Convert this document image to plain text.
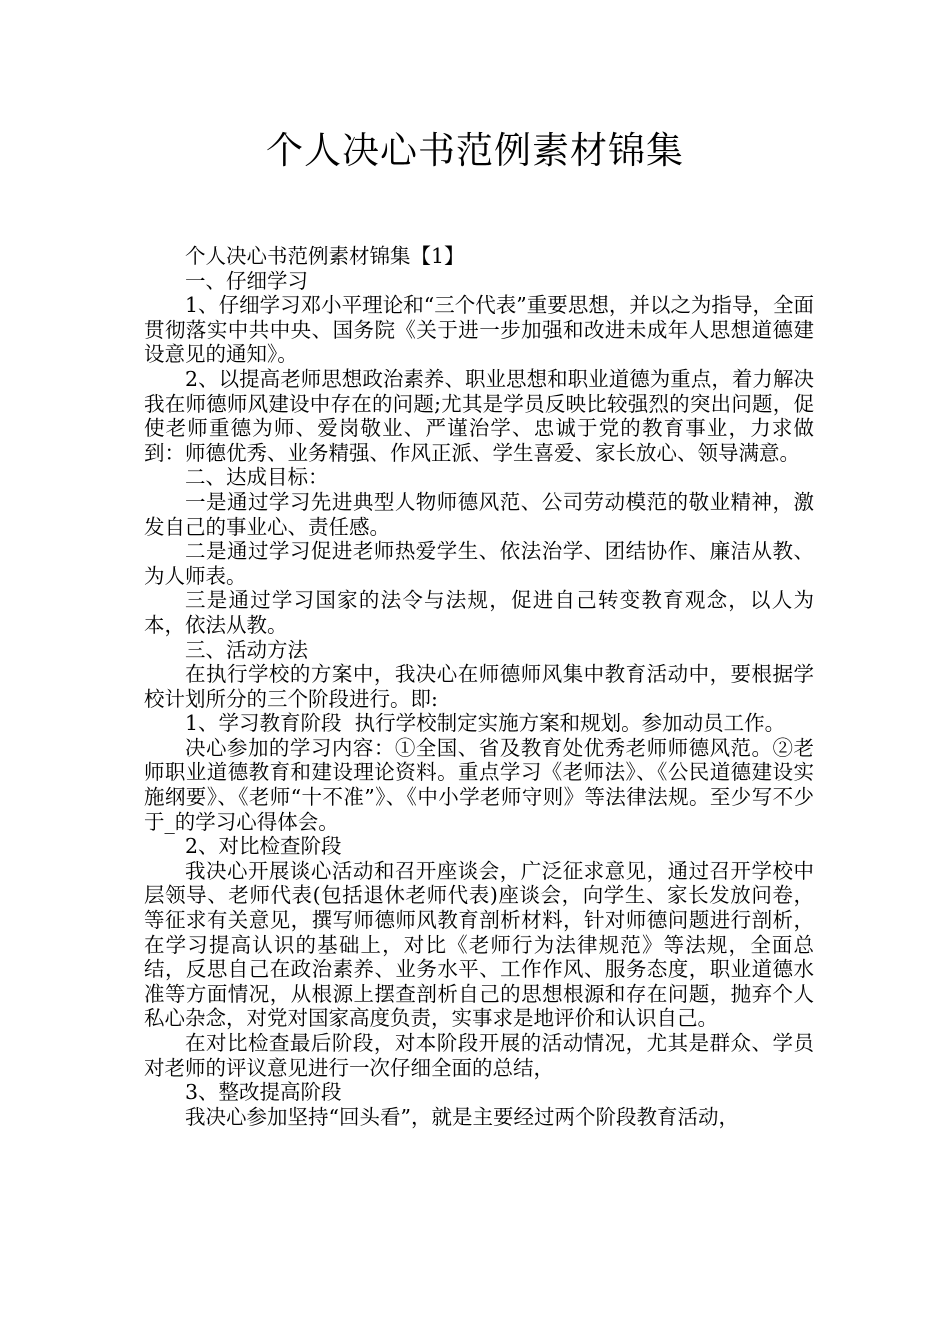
个人决心书范例素材锦集

个人决心书范例素材锦集【1】

一、仔细学习

1、仔细学习邓小平理论和“三个代表”重要思想，并以之为指导，全面贯彻落实中共中央、国务院《关于进一步加强和改进未成年人思想道德建设意见的通知》。

2、以提高老师思想政治素养、职业思想和职业道德为重点，着力解决我在师德师风建设中存在的问题;尤其是学员反映比较强烈的突出问题，促使老师重德为师、爱岗敬业、严谨治学、忠诚于党的教育事业，力求做到：师德优秀、业务精强、作风正派、学生喜爱、家长放心、领导满意。

二、达成目标：

一是通过学习先进典型人物师德风范、公司劳动模范的敬业精神，激发自己的事业心、责任感。

二是通过学习促进老师热爱学生、依法治学、团结协作、廉洁从教、为人师表。

三是通过学习国家的法令与法规，促进自己转变教育观念，以人为本，依法从教。

三、活动方法

在执行学校的方案中，我决心在师德师风集中教育活动中，要根据学校计划所分的三个阶段进行。即:

1、学习教育阶段  执行学校制定实施方案和规划。参加动员工作。

决心参加的学习内容：①全国、省及教育处优秀老师师德风范。②老师职业道德教育和建设理论资料。重点学习《老师法》、《公民道德建设实施纲要》、《老师“十不准”》、《中小学老师守则》等法律法规。至少写不少于_的学习心得体会。

2、对比检查阶段

我决心开展谈心活动和召开座谈会，广泛征求意见，通过召开学校中层领导、老师代表(包括退休老师代表)座谈会，向学生、家长发放问卷，等征求有关意见，撰写师德师风教育剖析材料，针对师德问题进行剖析，在学习提高认识的基础上，对比《老师行为法律规范》等法规，全面总结，反思自己在政治素养、业务水平、工作作风、服务态度，职业道德水准等方面情况，从根源上摆查剖析自己的思想根源和存在问题，抛弃个人私心杂念，对党对国家高度负责，实事求是地评价和认识自己。

在对比检查最后阶段，对本阶段开展的活动情况，尤其是群众、学员对老师的评议意见进行一次仔细全面的总结，

3、整改提高阶段

我决心参加坚持“回头看”，就是主要经过两个阶段教育活动，
